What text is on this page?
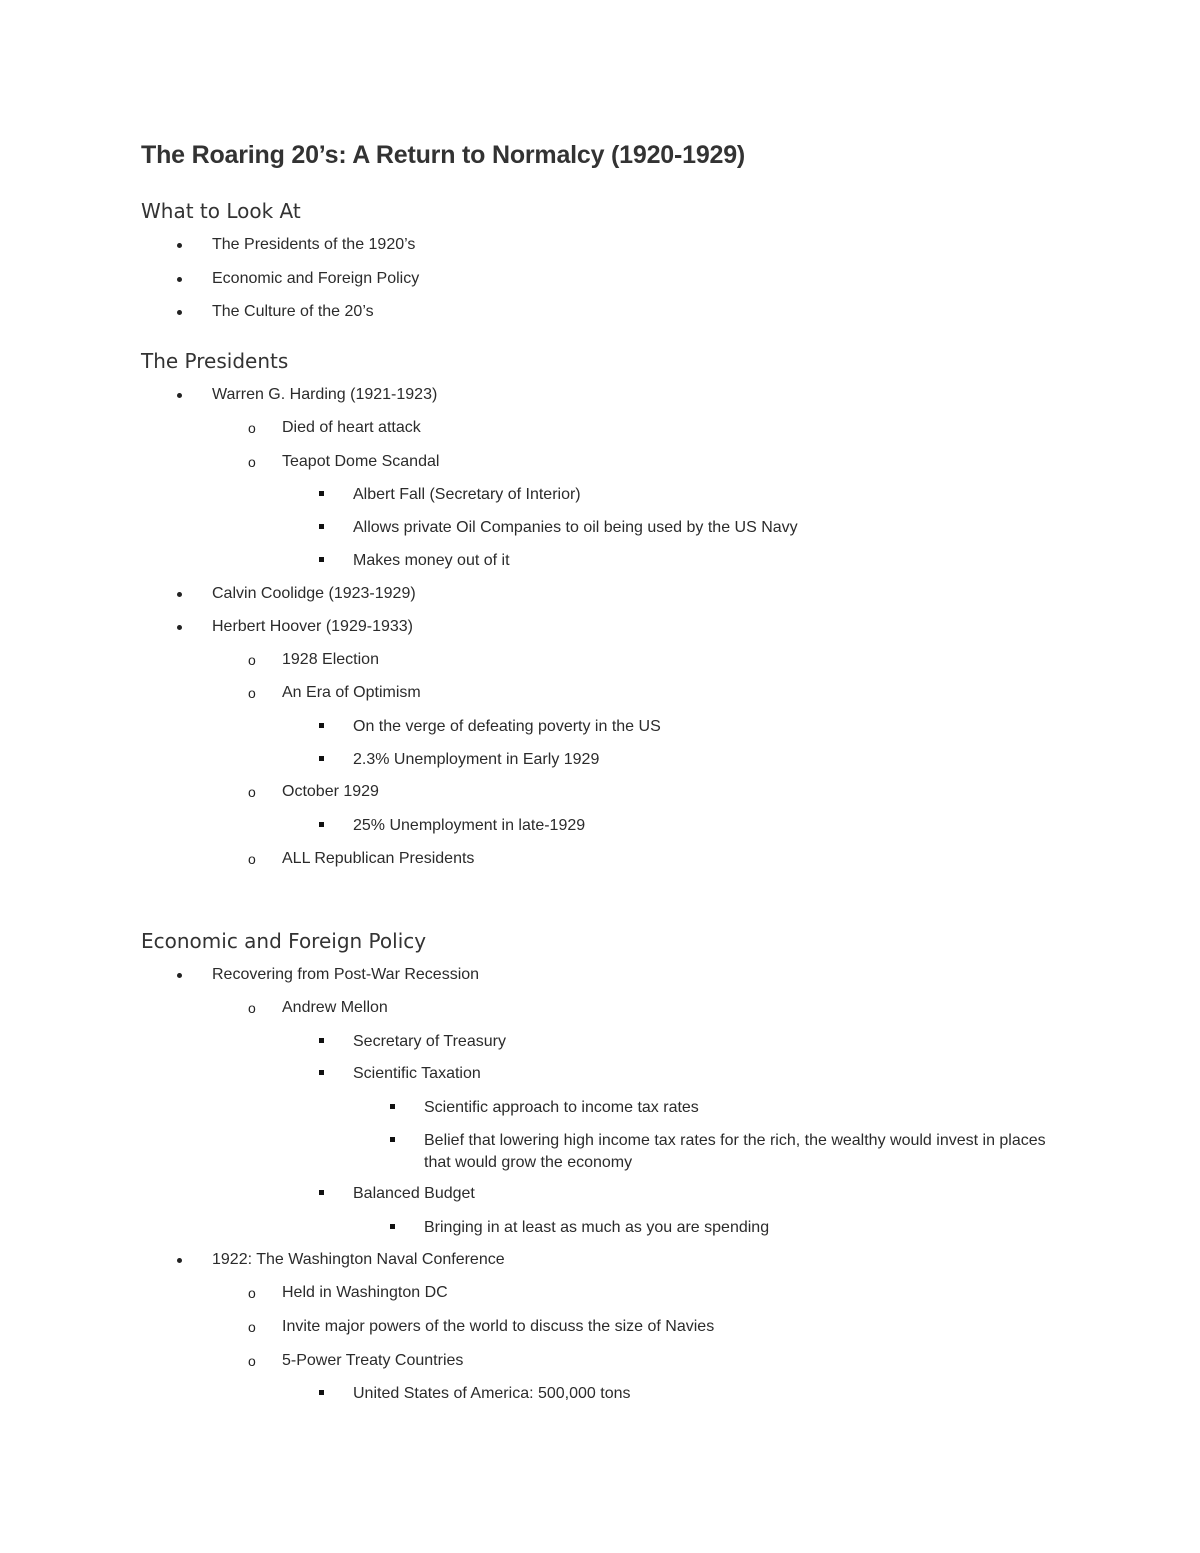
The Roaring 20’s: A Return to Normalcy (1920-1929)
What to Look At
The Presidents of the 1920’s
Economic and Foreign Policy
The Culture of the 20’s
The Presidents
Warren G. Harding (1921-1923)
o Died of heart attack
o Teapot Dome Scandal
Albert Fall (Secretary of Interior)
Allows private Oil Companies to oil being used by the US Navy
Makes money out of it
Calvin Coolidge (1923-1929)
Herbert Hoover (1929-1933)
o 1928 Election
o An Era of Optimism
On the verge of defeating poverty in the US
2.3% Unemployment in Early 1929
o October 1929
25% Unemployment in late-1929
o ALL Republican Presidents
Economic and Foreign Policy
Recovering from Post-War Recession
o Andrew Mellon
Secretary of Treasury
Scientific Taxation
Scientific approach to income tax rates
Belief that lowering high income tax rates for the rich, the wealthy would invest in places that would grow the economy
Balanced Budget
Bringing in at least as much as you are spending
1922: The Washington Naval Conference
o Held in Washington DC
o Invite major powers of the world to discuss the size of Navies
o 5-Power Treaty Countries
United States of America: 500,000 tons
